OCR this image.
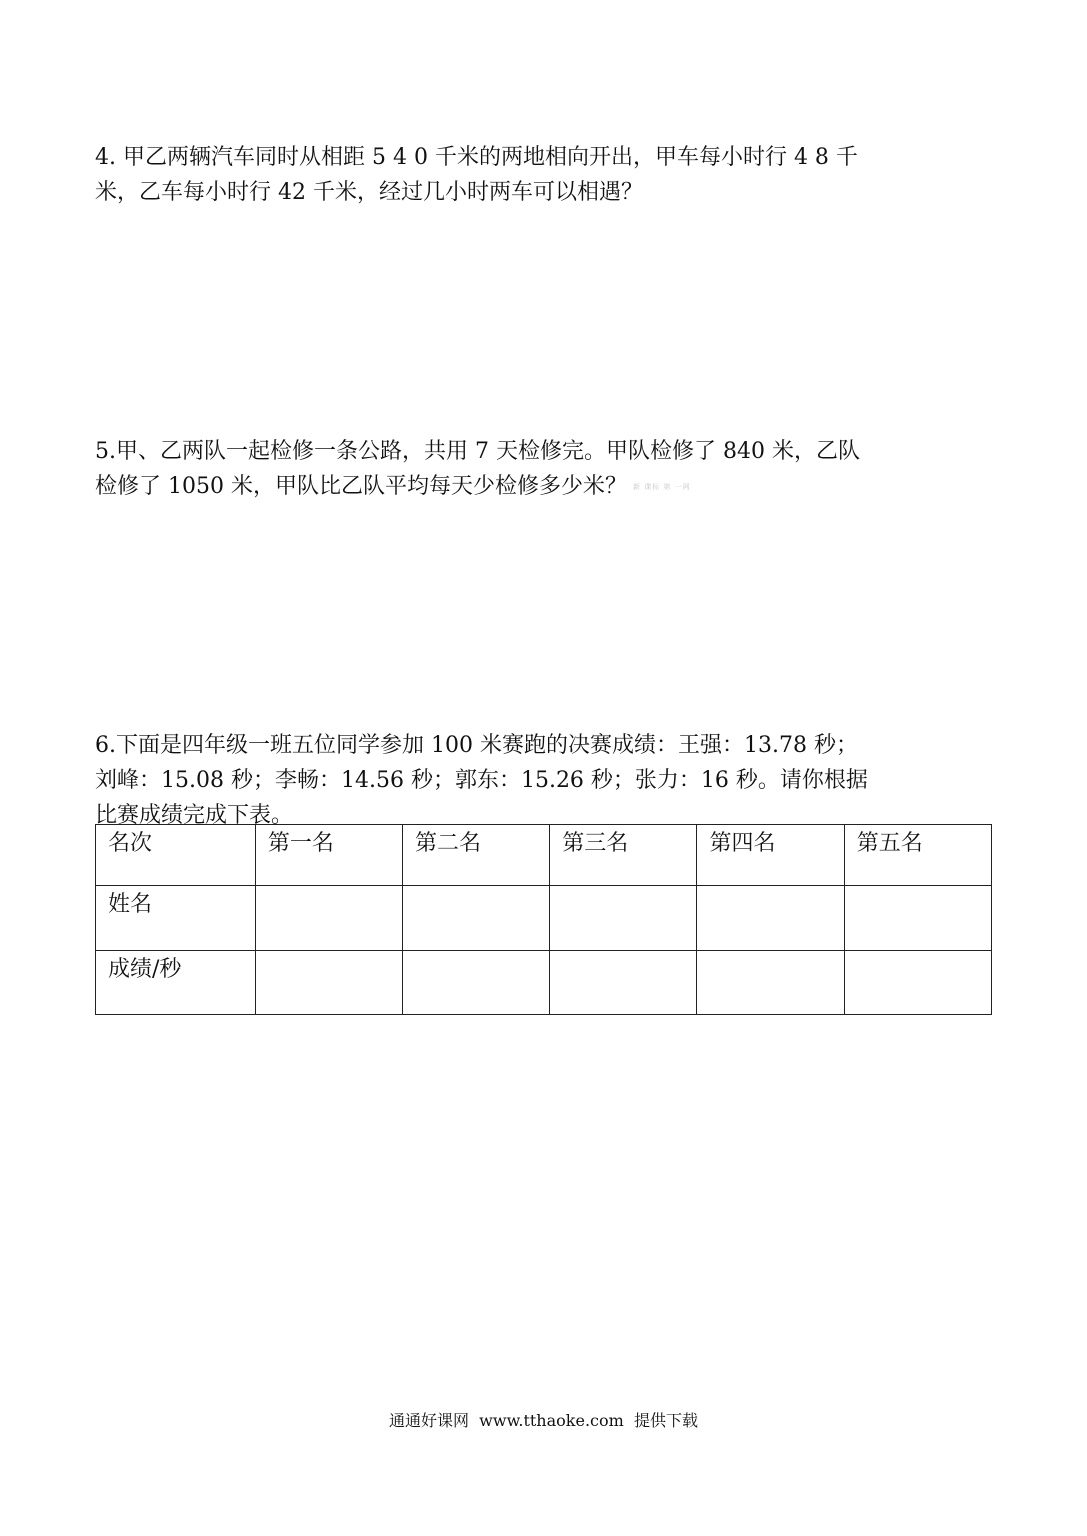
4. 甲乙两辆汽车同时从相距 5 4 0 千米的两地相向开出，甲车每小时行 4 8 千
米，乙车每小时行 42 千米，经过几小时两车可以相遇？
5.甲、乙两队一起检修一条公路，共用 7 天检修完。甲队检修了 840 米，乙队
检修了 1050 米，甲队比乙队平均每天少检修多少米？ 新 课标 第 一网
6.下面是四年级一班五位同学参加 100 米赛跑的决赛成绩：王强：13.78 秒；
刘峰：15.08 秒；李畅：14.56 秒；郭东：15.26 秒；张力：16 秒。请你根据
比赛成绩完成下表。
名次	第一名	第二名	第三名	第四名	第五名
姓名					
成绩/秒					
通通好课网  www.tthaoke.com  提供下载
